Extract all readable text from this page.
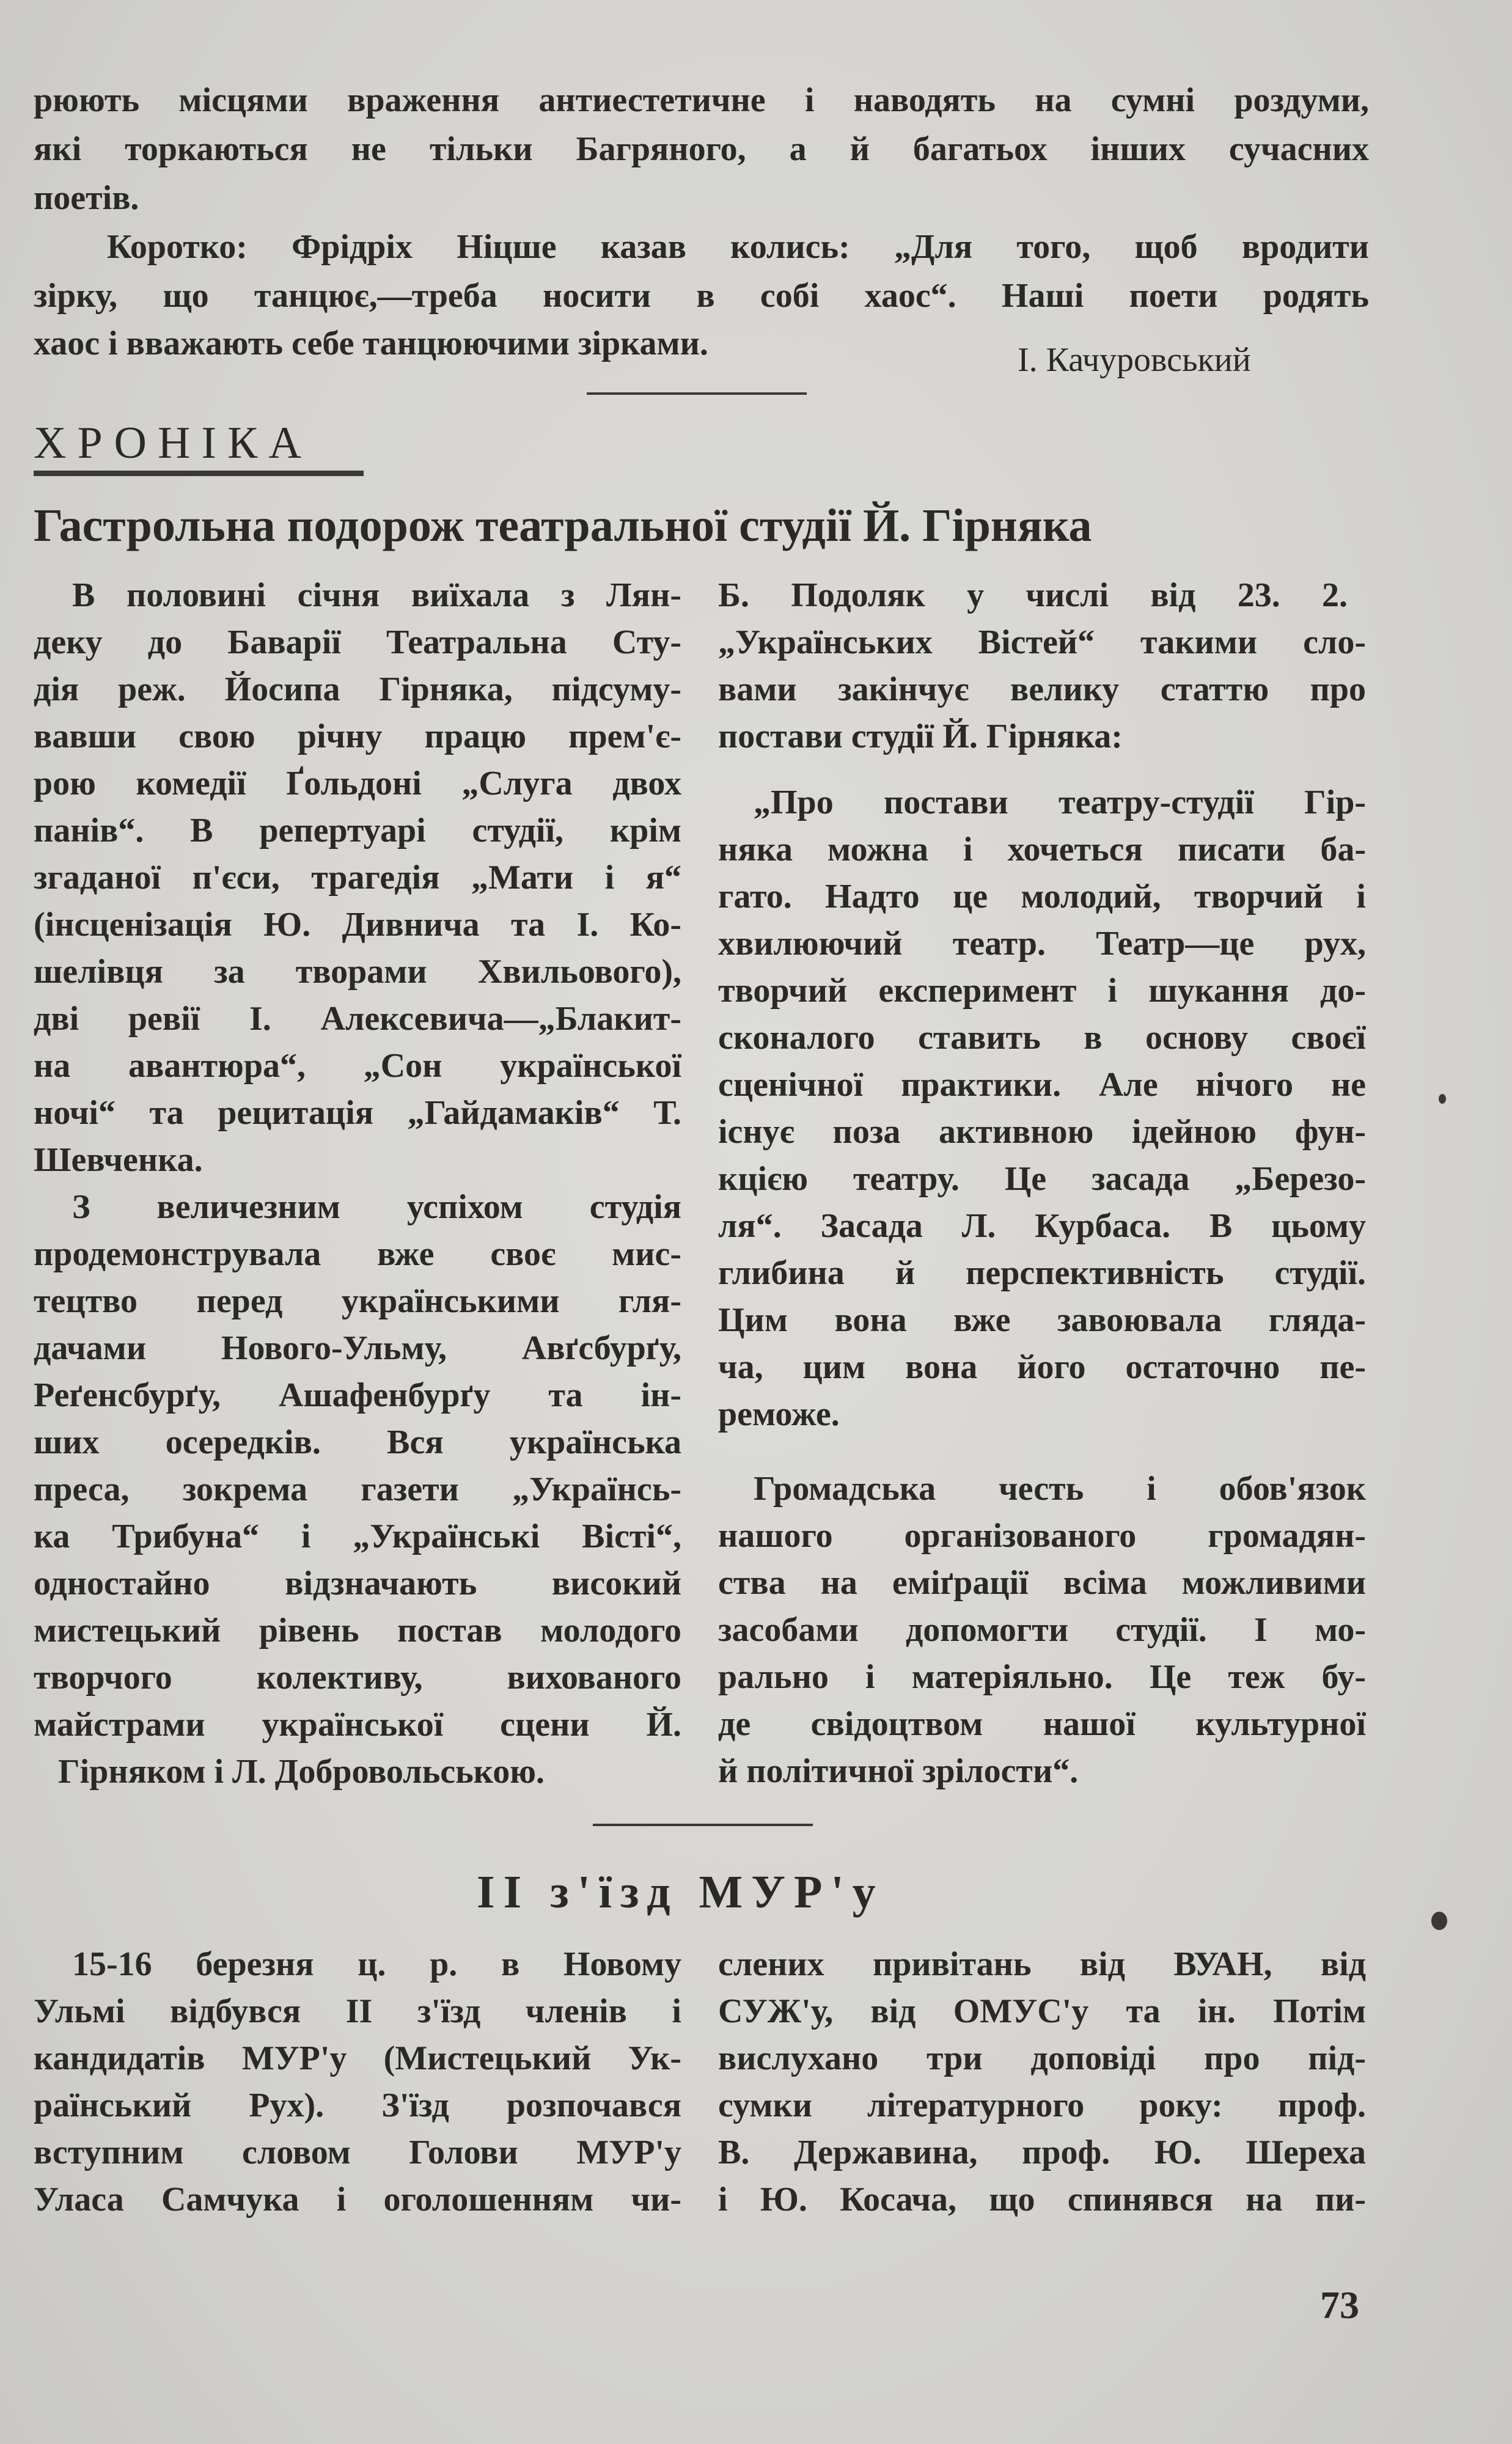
рюють місцями враження антиестетичне і наводять на сумні роздуми,
які торкаються не тільки Багряного, а й багатьох інших сучасних
поетів.
Коротко: Фрідріх Ніцше казав колись: „Для того, щоб вродити
зірку, що танцює,—треба носити в собі хаос“. Наші поети родять
хаос і вважають себе танцюючими зірками.	І. Качуровський
ХРОНІКА
Гастрольна подорож театральної студії Й. Гірняка
В половині січня виїхала з Лян-
деку до Баварії Театральна Сту-
дія реж. Йосипа Гірняка, підсуму-
вавши свою річну працю прем'є-
рою комедії Ґольдоні „Слуга двох
панів“. В репертуарі студії, крім
згаданої п'єси, трагедія „Мати і я“
(інсценізація Ю. Дивнича та І. Ко-
шелівця за творами Хвильового),
дві ревії І. Алексевича—„Блакит-
на авантюра“, „Сон української
ночі“ та рецитація „Гайдамаків“ Т.
Шевченка.
З величезним успіхом студія
продемонструвала вже своє мис-
тецтво перед українськими гля-
дачами Нового-Ульму, Авґсбурґу,
Реґенсбурґу, Ашафенбурґу та ін-
ших осередків. Вся українська
преса, зокрема газети „Українсь-
ка Трибуна“ і „Українські Вісті“,
одностайно відзначають високий
мистецький рівень постав молодого
творчого колективу, вихованого
майстрами української сцени Й.
Гірняком і Л. Добровольською.
Б. Подоляк у числі від 23. 2.
„Українських Вістей“ такими сло-
вами закінчує велику статтю про
постави студії Й. Гірняка:
„Про постави театру-студії Гір-
няка можна і хочеться писати ба-
гато. Надто це молодий, творчий і
хвилюючий театр. Театр—це рух,
творчий експеримент і шукання до-
сконалого ставить в основу своєї
сценічної практики. Але нічого не
існує поза активною ідейною фун-
кцією театру. Це засада „Березо-
ля“. Засада Л. Курбаса. В цьому
глибина й перспективність студії.
Цим вона вже завоювала гляда-
ча, цим вона його остаточно пе-
реможе.
Громадська честь і обов'язок
нашого організованого громадян-
ства на еміґрації всіма можливими
засобами допомогти студії. І мо-
рально і матеріяльно. Це теж бу-
де свідоцтвом нашої культурної
й політичної зрілости“.
II з'їзд МУР'у
15-16 березня ц. р. в Новому
Ульмі відбувся II з'їзд членів і
кандидатів МУР'у (Мистецький Ук-
раїнський Рух). З'їзд розпочався
вступним словом Голови МУР'у
Уласа Самчука і оголошенням чи-
слених привітань від ВУАН, від
СУЖ'у, від ОМУС'у та ін. Потім
вислухано три доповіді про під-
сумки літературного року: проф.
В. Державина, проф. Ю. Шереха
і Ю. Косача, що спинявся на пи-
73
